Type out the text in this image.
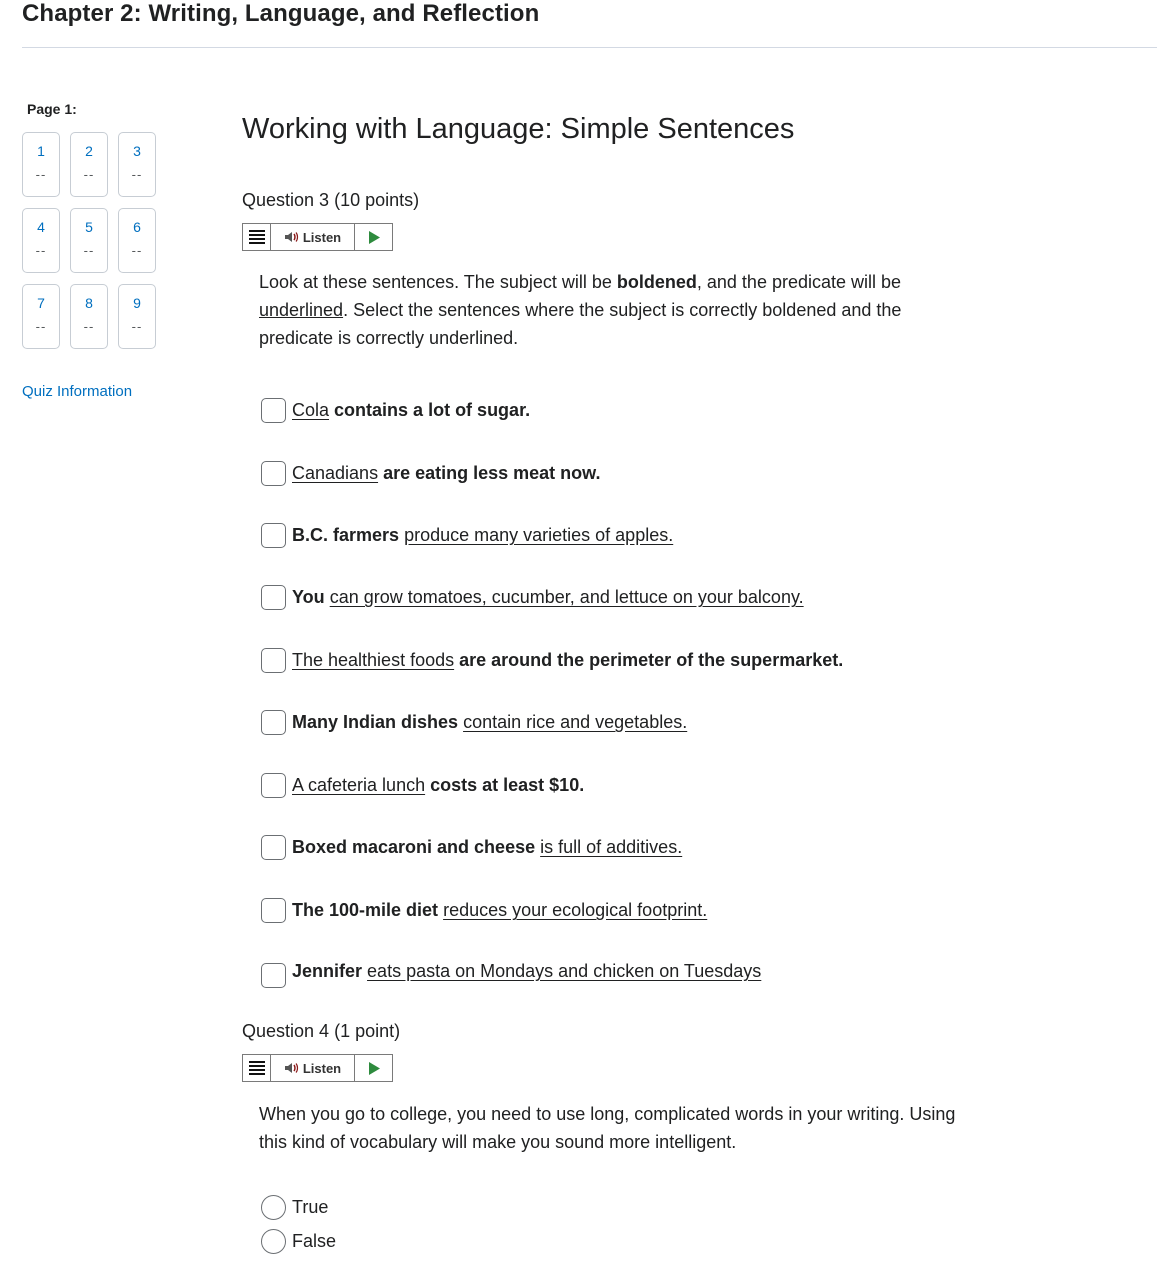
Chapter 2: Writing, Language, and Reflection
Page 1:
1
--
2
--
3
--
4
--
5
--
6
--
7
--
8
--
9
--
Quiz Information
Working with Language: Simple Sentences
Question 3 (10 points)
Listen
Look at these sentences. The subject will be boldened, and the predicate will be underlined. Select the sentences where the subject is correctly boldened and the predicate is correctly underlined.
Cola
contains a lot of sugar.
Canadians
are eating less meat now.
B.C. farmers
produce many varieties of apples.
You
can grow tomatoes, cucumber, and lettuce on your balcony.
The healthiest foods
are around the perimeter of the supermarket.
Many Indian dishes
contain rice and vegetables.
A cafeteria lunch
costs at least $10.
Boxed macaroni and cheese
is full of additives.
The 100-mile diet
reduces your ecological footprint.
Jennifer
eats pasta on Mondays and chicken on Tuesdays
Question 4 (1 point)
Listen
When you go to college, you need to use long, complicated words in your writing. Using this kind of vocabulary will make you sound more intelligent.
True
False
